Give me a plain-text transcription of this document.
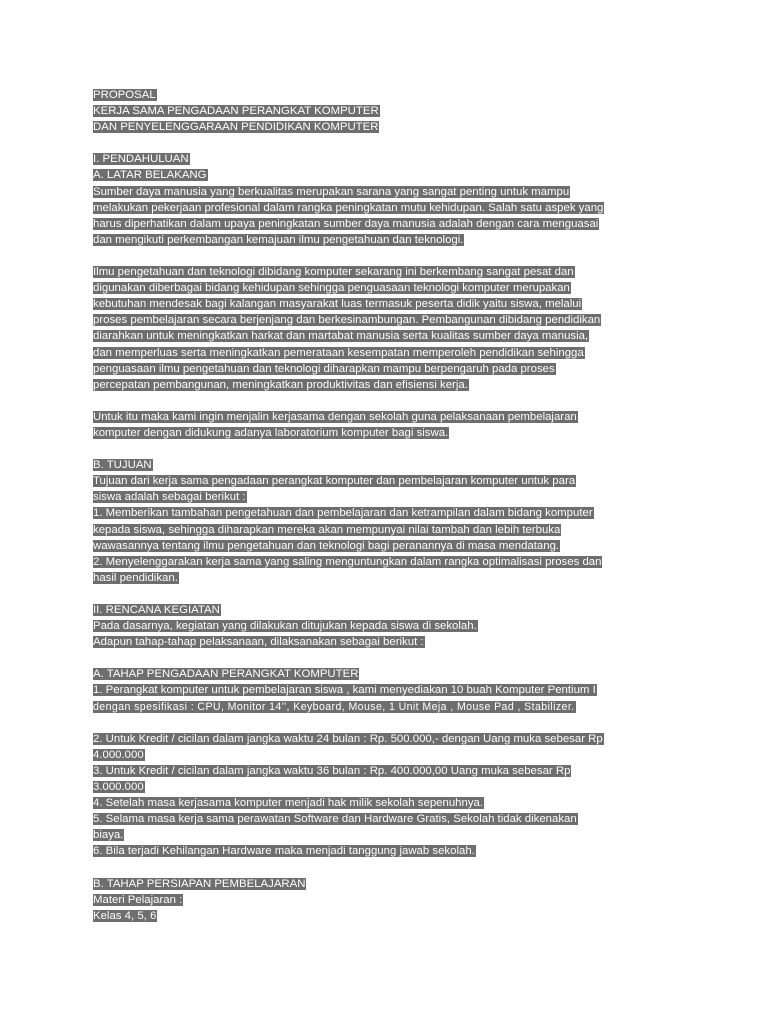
PROPOSAL
KERJA SAMA PENGADAAN PERANGKAT KOMPUTER
DAN PENYELENGGARAAN PENDIDIKAN KOMPUTER
I. PENDAHULUAN
A. LATAR BELAKANG
Sumber daya manusia yang berkualitas merupakan sarana yang sangat penting untuk mampu
melakukan pekerjaan profesional dalam rangka peningkatan mutu kehidupan. Salah satu aspek yang
harus diperhatikan dalam upaya peningkatan sumber daya manusia adalah dengan cara menguasai
dan mengikuti perkembangan kemajuan ilmu pengetahuan dan teknologi.
Ilmu pengetahuan dan teknologi dibidang komputer sekarang ini berkembang sangat pesat dan
digunakan diberbagai bidang kehidupan sehingga penguasaan teknologi komputer merupakan
kebutuhan mendesak bagi kalangan masyarakat luas termasuk peserta didik yaitu siswa, melalui
proses pembelajaran secara berjenjang dan berkesinambungan. Pembangunan dibidang pendidikan
diarahkan untuk meningkatkan harkat dan martabat manusia serta kualitas sumber daya manusia,
dan memperluas serta meningkatkan pemerataan kesempatan memperoleh pendidikan sehingga
penguasaan ilmu pengetahuan dan teknologi diharapkan mampu berpengaruh pada proses
percepatan pembangunan, meningkatkan produktivitas dan efisiensi kerja.
Untuk itu maka kami ingin menjalin kerjasama dengan sekolah guna pelaksanaan pembelajaran
komputer dengan didukung adanya laboratorium komputer bagi siswa.
B. TUJUAN
Tujuan dari kerja sama pengadaan perangkat komputer dan pembelajaran komputer untuk para
siswa adalah sebagai berikut :
1. Memberikan tambahan pengetahuan dan pembelajaran dan ketrampilan dalam bidang komputer
kepada siswa, sehingga diharapkan mereka akan mempunyai nilai tambah dan lebih terbuka
wawasannya tentang ilmu pengetahuan dan teknologi bagi peranannya di masa mendatang.
2. Menyelenggarakan kerja sama yang saling menguntungkan dalam rangka optimalisasi proses dan
hasil pendidikan.
II. RENCANA KEGIATAN
Pada dasarnya, kegiatan yang dilakukan ditujukan kepada siswa di sekolah.
Adapun tahap-tahap pelaksanaan, dilaksanakan sebagai berikut :
A. TAHAP PENGADAAN PERANGKAT KOMPUTER
1. Perangkat komputer untuk pembelajaran siswa , kami menyediakan 10 buah Komputer Pentium I
dengan spesifikasi : CPU, Monitor 14'', Keyboard, Mouse, 1 Unit Meja , Mouse Pad , Stabilizer.
2. Untuk Kredit / cicilan dalam jangka waktu 24 bulan : Rp. 500.000,- dengan Uang muka sebesar Rp
4.000.000
3. Untuk Kredit / cicilan dalam jangka waktu 36 bulan : Rp. 400.000,00 Uang muka sebesar Rp
3.000.000
4. Setelah masa kerjasama komputer menjadi hak milik sekolah sepenuhnya.
5. Selama masa kerja sama perawatan Software dan Hardware Gratis, Sekolah tidak dikenakan
biaya.
6. Bila terjadi Kehilangan Hardware maka menjadi tanggung jawab sekolah.
B. TAHAP PERSIAPAN PEMBELAJARAN
Materi Pelajaran :
Kelas 4, 5, 6
